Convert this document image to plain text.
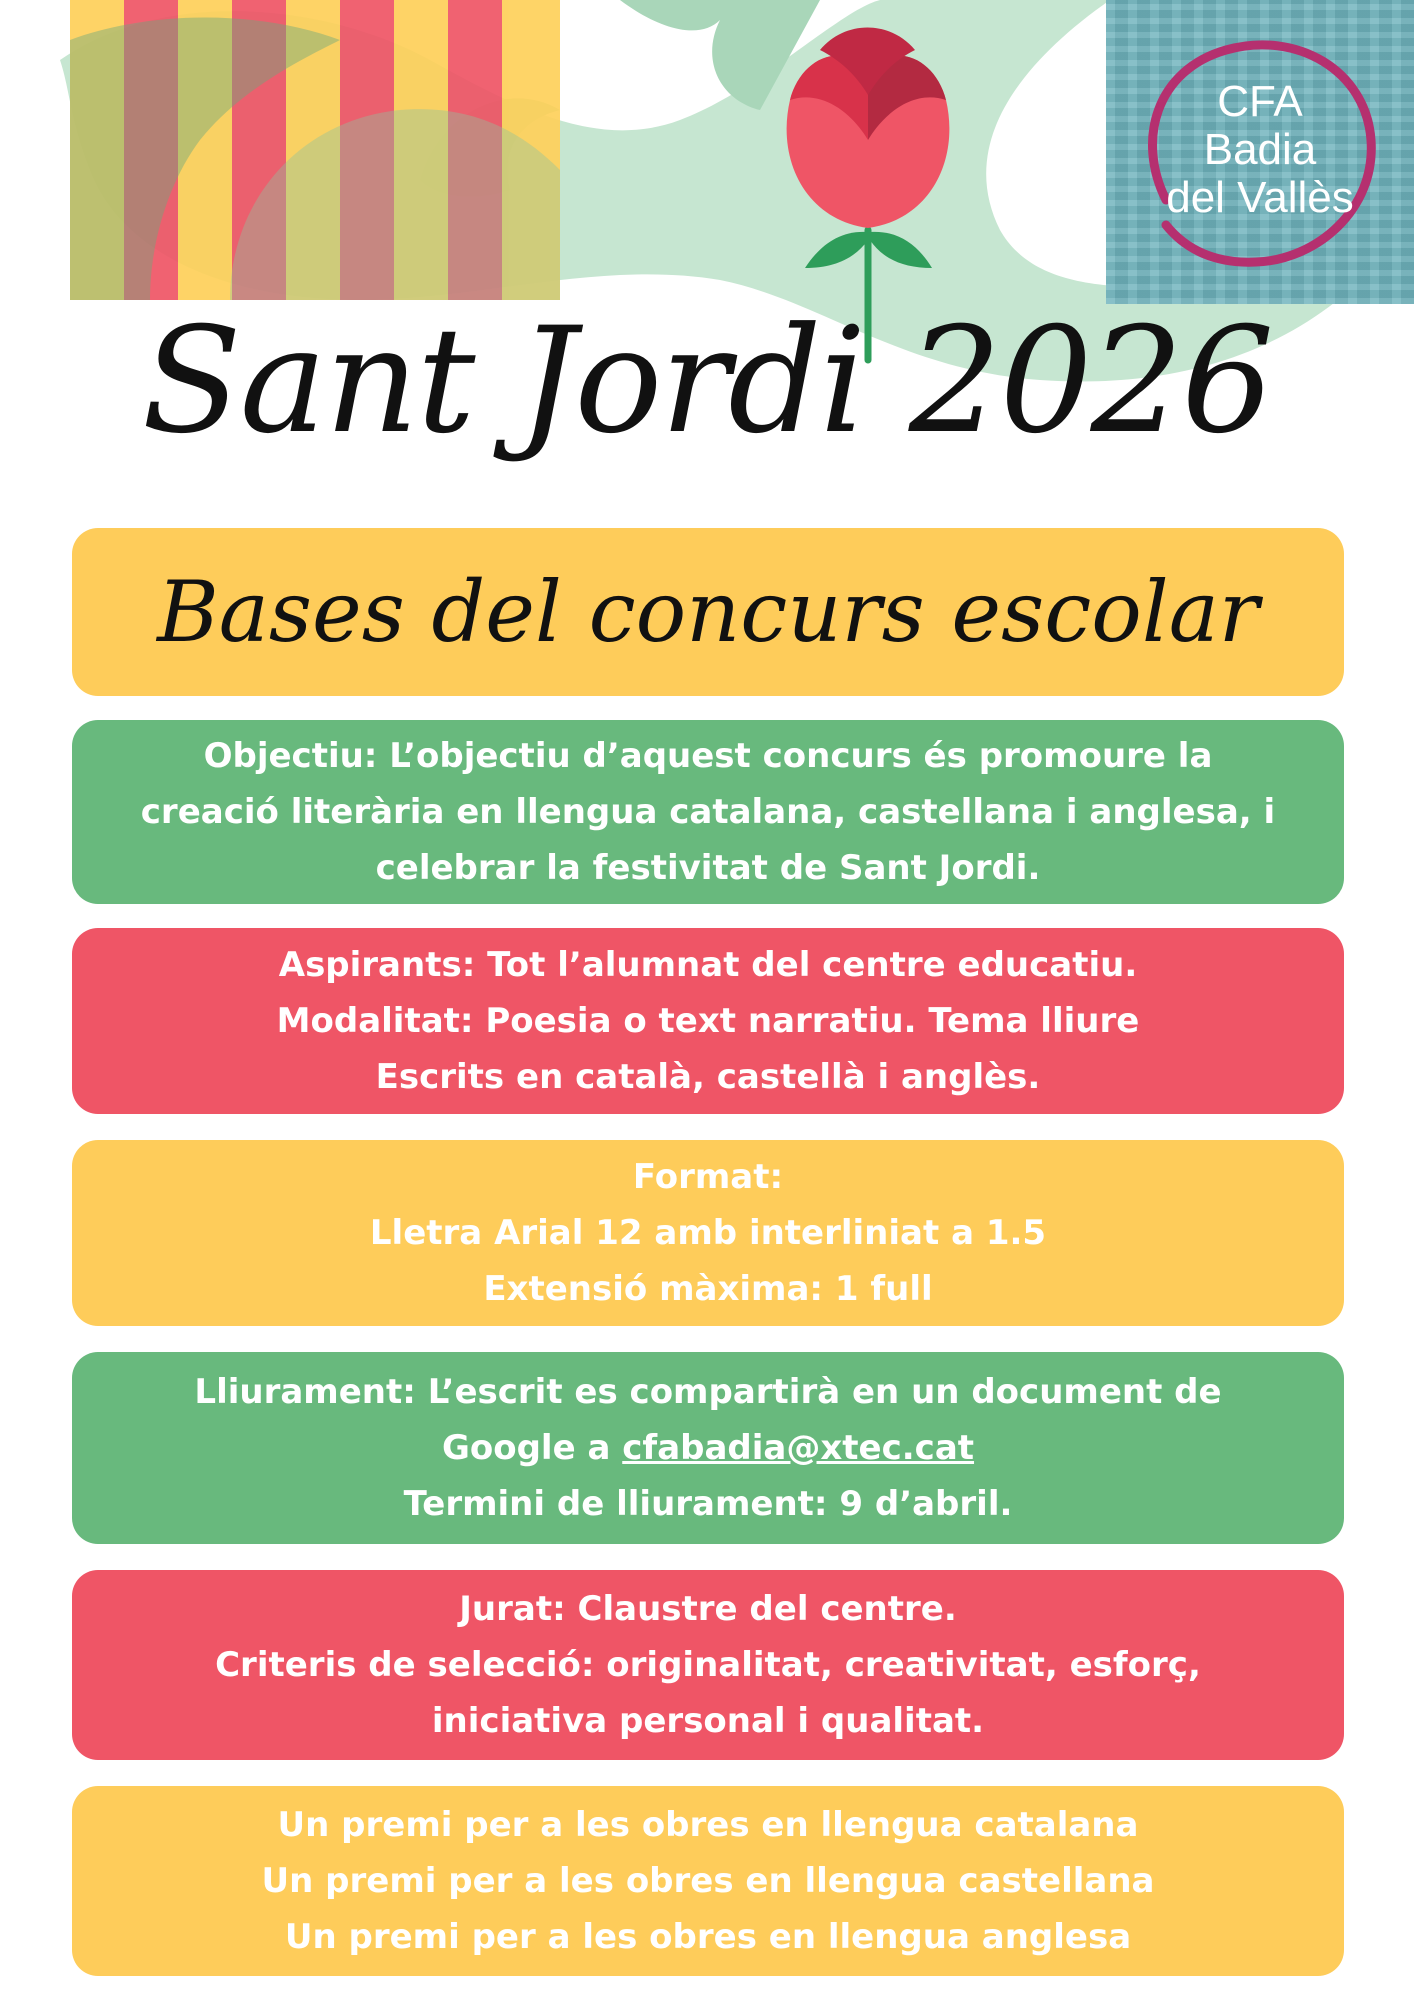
CFA
Badia
del Vallès
Sant Jordi 2026
Bases del concurs escolar
Objectiu: L’objectiu d’aquest concurs és promoure la
creació literària en llengua catalana, castellana i anglesa, i
celebrar la festivitat de Sant Jordi.
Aspirants: Tot l’alumnat del centre educatiu.
Modalitat: Poesia o text narratiu. Tema lliure
Escrits en català, castellà i anglès.
Format:
Lletra Arial 12 amb interliniat a 1.5
Extensió màxima: 1 full
Lliurament: L’escrit es compartirà en un document de
Google a cfabadia@xtec.cat
Termini de lliurament: 9 d’abril.
Jurat: Claustre del centre.
Criteris de selecció: originalitat, creativitat, esforç,
iniciativa personal i qualitat.
Un premi per a les obres en llengua catalana
Un premi per a les obres en llengua castellana
Un premi per a les obres en llengua anglesa
